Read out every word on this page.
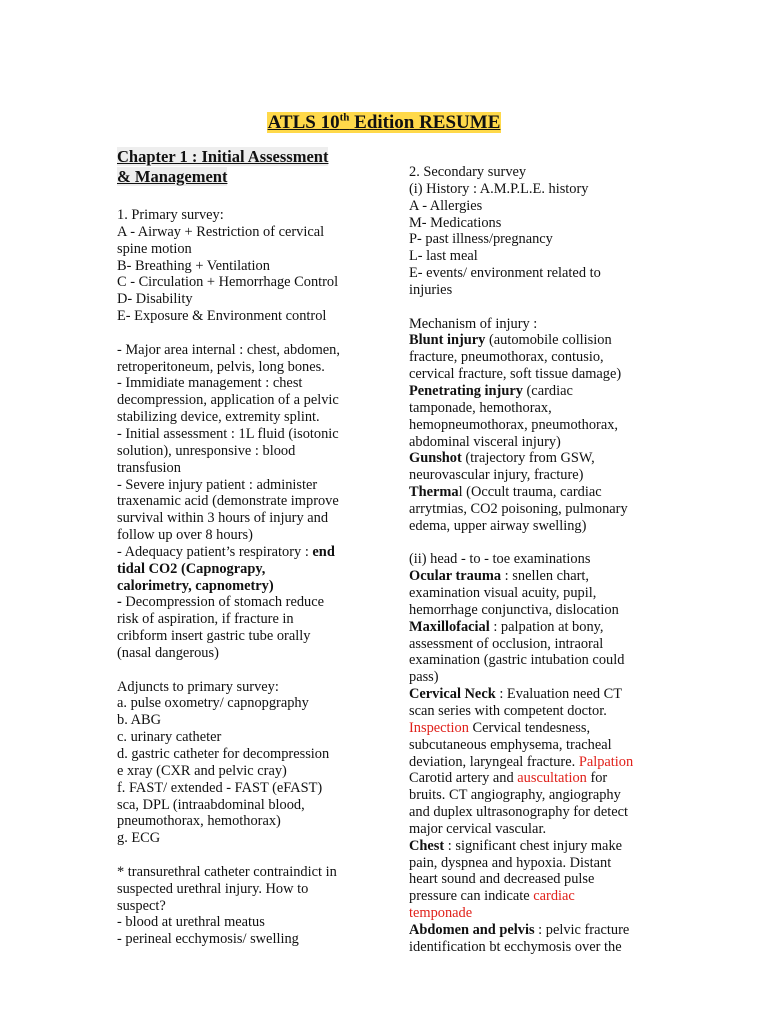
ATLS 10th Edition RESUME
Chapter 1 : Initial Assessment
& Management
1. Primary survey:
A - Airway + Restriction of cervical
spine motion
B- Breathing + Ventilation
C - Circulation + Hemorrhage Control
D- Disability
E- Exposure & Environment control
- Major area internal : chest, abdomen,
retroperitoneum, pelvis, long bones.
- Immidiate management : chest
decompression, application of a pelvic
stabilizing device, extremity splint.
- Initial assessment : 1L fluid (isotonic
solution), unresponsive : blood
transfusion
- Severe injury patient : administer
traxenamic acid (demonstrate improve
survival within 3 hours of injury and
follow up over 8 hours)
- Adequacy patient’s respiratory : end
tidal CO2 (Capnograpy,
calorimetry, capnometry)
- Decompression of stomach reduce
risk of aspiration, if fracture in
cribform insert gastric tube orally
(nasal dangerous)
Adjuncts to primary survey:
a. pulse oxometry/ capnopgraphy
b. ABG
c. urinary catheter
d. gastric catheter for decompression
e xray (CXR and pelvic cray)
f. FAST/ extended - FAST (eFAST)
sca, DPL (intraabdominal blood,
pneumothorax, hemothorax)
g. ECG
* transurethral catheter contraindict in
suspected urethral injury. How to
suspect?
- blood at urethral meatus
- perineal ecchymosis/ swelling
2. Secondary survey
(i) History : A.M.P.L.E. history
A - Allergies
M- Medications
P- past illness/pregnancy
L- last meal
E- events/ environment related to
injuries
Mechanism of injury :
Blunt injury (automobile collision
fracture, pneumothorax, contusio,
cervical fracture, soft tissue damage)
Penetrating injury (cardiac
tamponade, hemothorax,
hemopneumothorax, pneumothorax,
abdominal visceral injury)
Gunshot (trajectory from GSW,
neurovascular injury, fracture)
Thermal (Occult trauma, cardiac
arrytmias, CO2 poisoning, pulmonary
edema, upper airway swelling)
(ii) head - to - toe examinations
Ocular trauma : snellen chart,
examination visual acuity, pupil,
hemorrhage conjunctiva, dislocation
Maxillofacial : palpation at bony,
assessment of occlusion, intraoral
examination (gastric intubation could
pass)
Cervical Neck : Evaluation need CT
scan series with competent doctor.
Inspection Cervical tendesness,
subcutaneous emphysema, tracheal
deviation, laryngeal fracture. Palpation
Carotid artery and auscultation for
bruits. CT angiography, angiography
and duplex ultrasonography for detect
major cervical vascular.
Chest : significant chest injury make
pain, dyspnea and hypoxia. Distant
heart sound and decreased pulse
pressure can indicate cardiac
temponade
Abdomen and pelvis : pelvic fracture
identification bt ecchymosis over the
